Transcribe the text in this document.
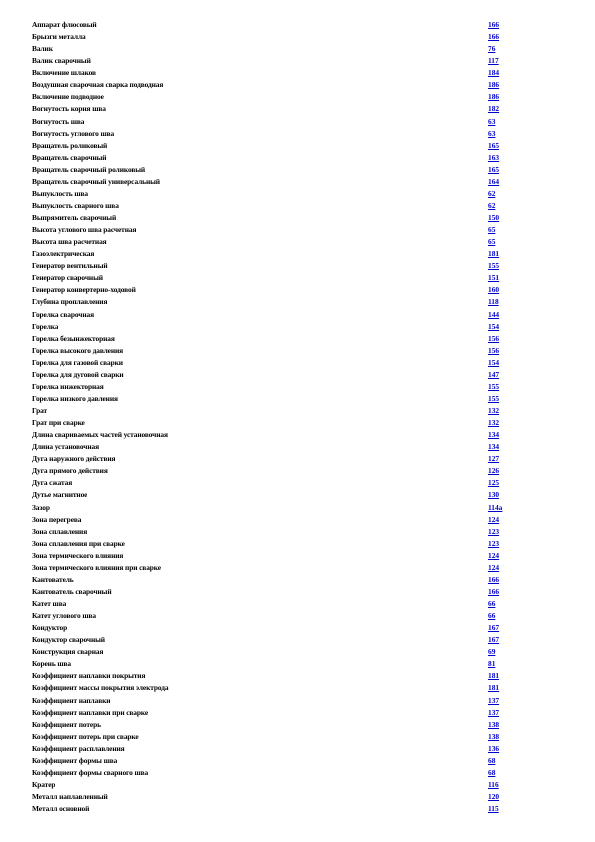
Аппарат флюсовый	166
Брызги металла	166
Валик	76
Валик сварочный	117
Включение шлаков	184
Воздушная сварочная сварка подводная	186
Включение подводное	186
Вогнутость корня шва	182
Вогнутость шва	63
Вогнутость углового шва	63
Вращатель роликовый	165
Вращатель сварочный	163
Вращатель сварочный роликовый	165
Вращатель сварочный универсальный	164
Выпуклость шва	62
Выпуклость сварного шва	62
Выпрямитель сварочный	150
Высота углового шва расчетная	65
Высота шва расчетная	65
Газоэлектрическая	181
Генератор вентильный	155
Генератор сварочный	151
Генератор конвертерно-ходовой	160
Глубина проплавления	118
Горелка сварочная	144
Горелка	154
Горелка безынжекторная	156
Горелка высокого давления	156
Горелка для газовой сварки	154
Горелка для дуговой сварки	147
Горелка инжекторная	155
Горелка низкого давления	155
Грат	132
Грат при сварке	132
Длина свариваемых частей установочная	134
Длина установочная	134
Дуга наружного действия	127
Дуга прямого действия	126
Дуга сжатая	125
Дутье магнитное	130
Зазор	114а
Зона перегрева	124
Зона сплавления	123
Зона сплавления при сварке	123
Зона термического влияния	124
Зона термического влияния при сварке	124
Кантователь	166
Кантователь сварочный	166
Катет шва	66
Катет углового шва	66
Кондуктор	167
Кондуктор сварочный	167
Конструкция сварная	69
Корень шва	81
Коэффициент наплавки покрытия	181
Коэффициент массы покрытия электрода	181
Коэффициент наплавки	137
Коэффициент наплавки при сварке	137
Коэффициент потерь	138
Коэффициент потерь при сварке	138
Коэффициент расплавления	136
Коэффициент формы шва	68
Коэффициент формы сварного шва	68
Кратер	116
Металл наплавленный	120
Металл основной	115
